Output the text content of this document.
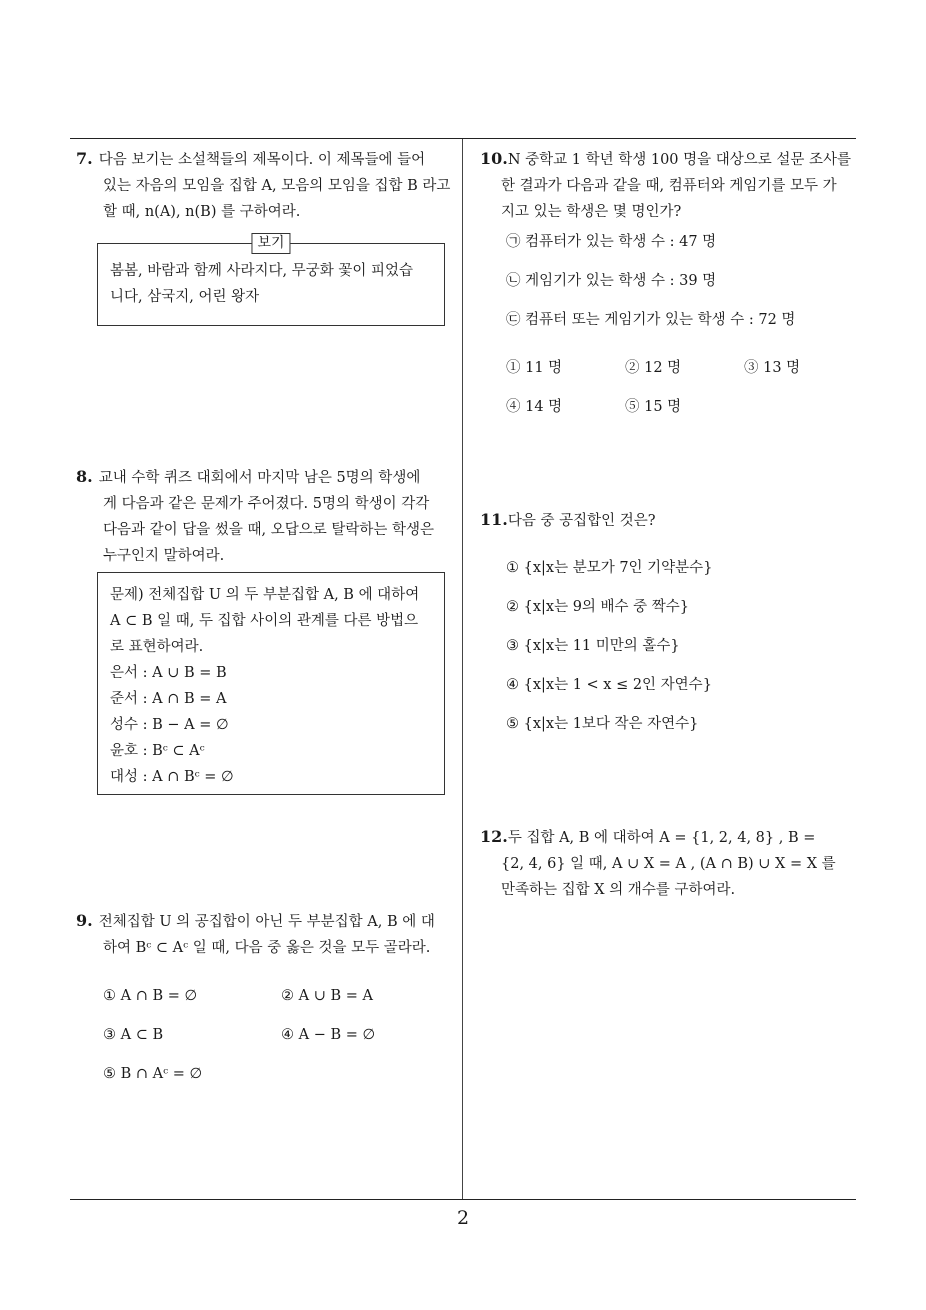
7. 다음 보기는 소설책들의 제목이다. 이 제목들에 들어
있는 자음의 모임을 집합 A, 모음의 모임을 집합 B 라고
할 때, n(A), n(B) 를 구하여라.
보기
봄봄, 바람과 함께 사라지다, 무궁화 꽃이 피었습
니다, 삼국지, 어린 왕자
8. 교내 수학 퀴즈 대회에서 마지막 남은 5명의 학생에
게 다음과 같은 문제가 주어졌다. 5명의 학생이 각각
다음과 같이 답을 썼을 때, 오답으로 탈락하는 학생은
누구인지 말하여라.
문제) 전체집합 U 의 두 부분집합 A, B 에 대하여
A ⊂ B 일 때, 두 집합 사이의 관계를 다른 방법으
로 표현하여라.
은서 : A ∪ B = B
준서 : A ∩ B = A
성수 : B − A = ∅
윤호 : Bᶜ ⊂ Aᶜ
대성 : A ∩ Bᶜ = ∅
9. 전체집합 U 의 공집합이 아닌 두 부분집합 A, B 에 대
하여 Bᶜ ⊂ Aᶜ 일 때, 다음 중 옳은 것을 모두 골라라.
① A ∩ B = ∅	② A ∪ B = A
③ A ⊂ B	④ A − B = ∅
⑤ B ∩ Aᶜ = ∅
10.N 중학교 1 학년 학생 100 명을 대상으로 설문 조사를
한 결과가 다음과 같을 때, 컴퓨터와 게임기를 모두 가
지고 있는 학생은 몇 명인가?
㉠ 컴퓨터가 있는 학생 수 : 47 명
㉡ 게임기가 있는 학생 수 : 39 명
㉢ 컴퓨터 또는 게임기가 있는 학생 수 : 72 명
① 11 명	② 12 명	③ 13 명
④ 14 명	⑤ 15 명
11.다음 중 공집합인 것은?
① {x|x는 분모가 7인 기약분수}
② {x|x는 9의 배수 중 짝수}
③ {x|x는 11 미만의 홀수}
④ {x|x는 1 < x ≤ 2인 자연수}
⑤ {x|x는 1보다 작은 자연수}
12.두 집합 A, B 에 대하여 A = {1, 2, 4, 8} , B =
{2, 4, 6} 일 때, A ∪ X = A , (A ∩ B) ∪ X = X 를
만족하는 집합 X 의 개수를 구하여라.
2
